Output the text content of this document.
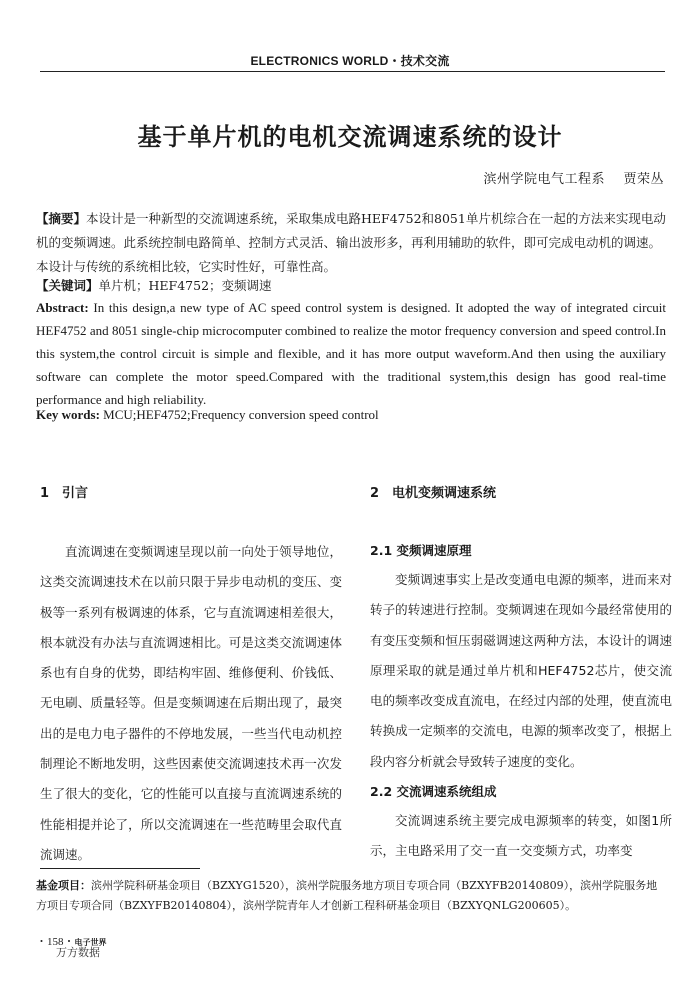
ELECTRONICS WORLD・技术交流
基于单片机的电机交流调速系统的设计
滨州学院电气工程系 贾荣丛
【摘要】本设计是一种新型的交流调速系统，采取集成电路HEF4752和8051单片机综合在一起的方法来实现电动机的变频调速。此系统控制电路简单、控制方式灵活、输出波形多，再利用辅助的软件，即可完成电动机的调速。本设计与传统的系统相比较，它实时性好，可靠性高。
【关键词】单片机；HEF4752；变频调速
Abstract: In this design,a new type of AC speed control system is designed. It adopted the way of integrated circuit HEF4752 and 8051 single-chip microcomputer combined to realize the motor frequency conversion and speed control.In this system,the control circuit is simple and flexible, and it has more output waveform.And then using the auxiliary software can complete the motor speed.Compared with the traditional system,this design has good real-time performance and high reliability.
Key words: MCU;HEF4752;Frequency conversion speed control
1　引言	2　电机变频调速系统

直流调速在变频调速呈现以前一向处于领导地位，这类交流调速技术在以前只限于异步电动机的变压、变极等一系列有极调速的体系，它与直流调速相差很大，根本就没有办法与直流调速相比。可是这类交流调速体系也有自身的优势，即结构牢固、维修便利、价钱低、无电刷、质量轻等。但是变频调速在后期出现了，最突出的是电力电子器件的不停地发展，一些当代电动机控制理论不断地发明，这些因素使交流调速技术再一次发生了很大的变化，它的性能可以直接与直流调速系统的性能相提并论了，所以交流调速在一些范畴里会取代直流调速。

2.1 变频调速原理

变频调速事实上是改变通电电源的频率，进而来对转子的转速进行控制。变频调速在现如今最经常使用的有变压变频和恒压弱磁调速这两种方法，本设计的调速原理采取的就是通过单片机和HEF4752芯片，使交流电的频率改变成直流电，在经过内部的处理，使直流电转换成一定频率的交流电，电源的频率改变了，根据上段内容分析就会导致转子速度的变化。

2.2 交流调速系统组成

交流调速系统主要完成电源频率的转变，如图1所示，主电路采用了交一直一交变频方式，功率变

基金项目：滨州学院科研基金项目（BZXYG1520），滨州学院服务地方项目专项合同（BZXYFB20140809），滨州学院服务地方项目专项合同（BZXYFB20140804），滨州学院青年人才创新工程科研基金项目（BZXYQNLG200605）。
・158・电子世界
万方数据
